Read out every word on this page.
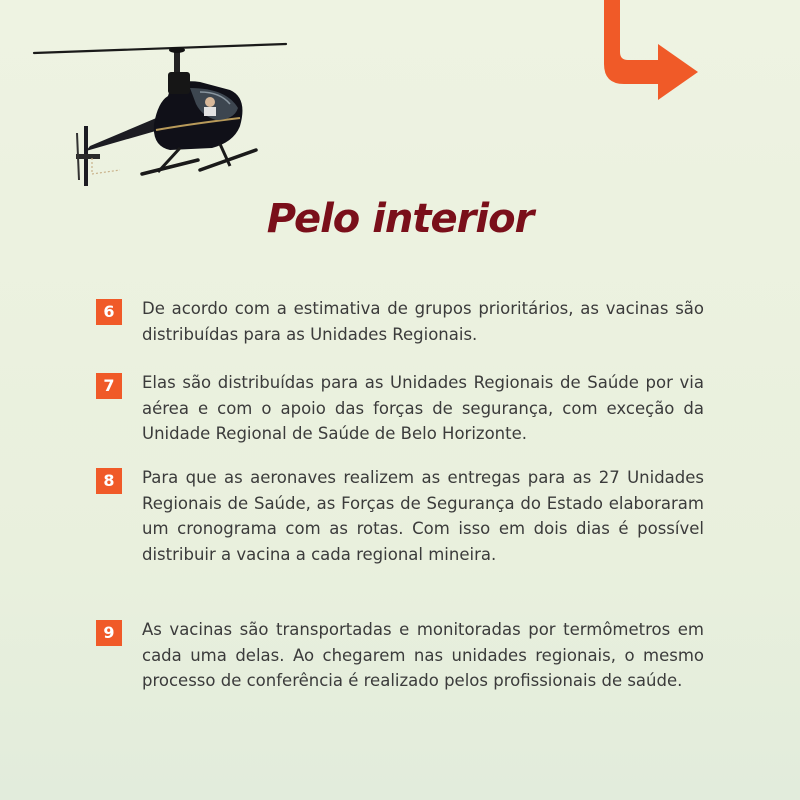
Pelo interior
6	De acordo com a estimativa de grupos prioritários, as vacinas são distribuídas para as Unidades Regionais.

7	Elas são distribuídas para as Unidades Regionais de Saúde por via aérea e com o apoio das forças de segurança, com exceção da Unidade Regional de Saúde de Belo Horizonte.

8	Para que as aeronaves realizem as entregas para as 27 Unidades Regionais de Saúde, as Forças de Segurança do Estado elaboraram um cronograma com as rotas. Com isso em dois dias é possível distribuir a vacina a cada regional mineira.

9	As vacinas são transportadas e monitoradas por termômetros em cada uma delas. Ao chegarem nas unidades regionais, o mesmo processo de conferência é realizado pelos profissionais de saúde.
